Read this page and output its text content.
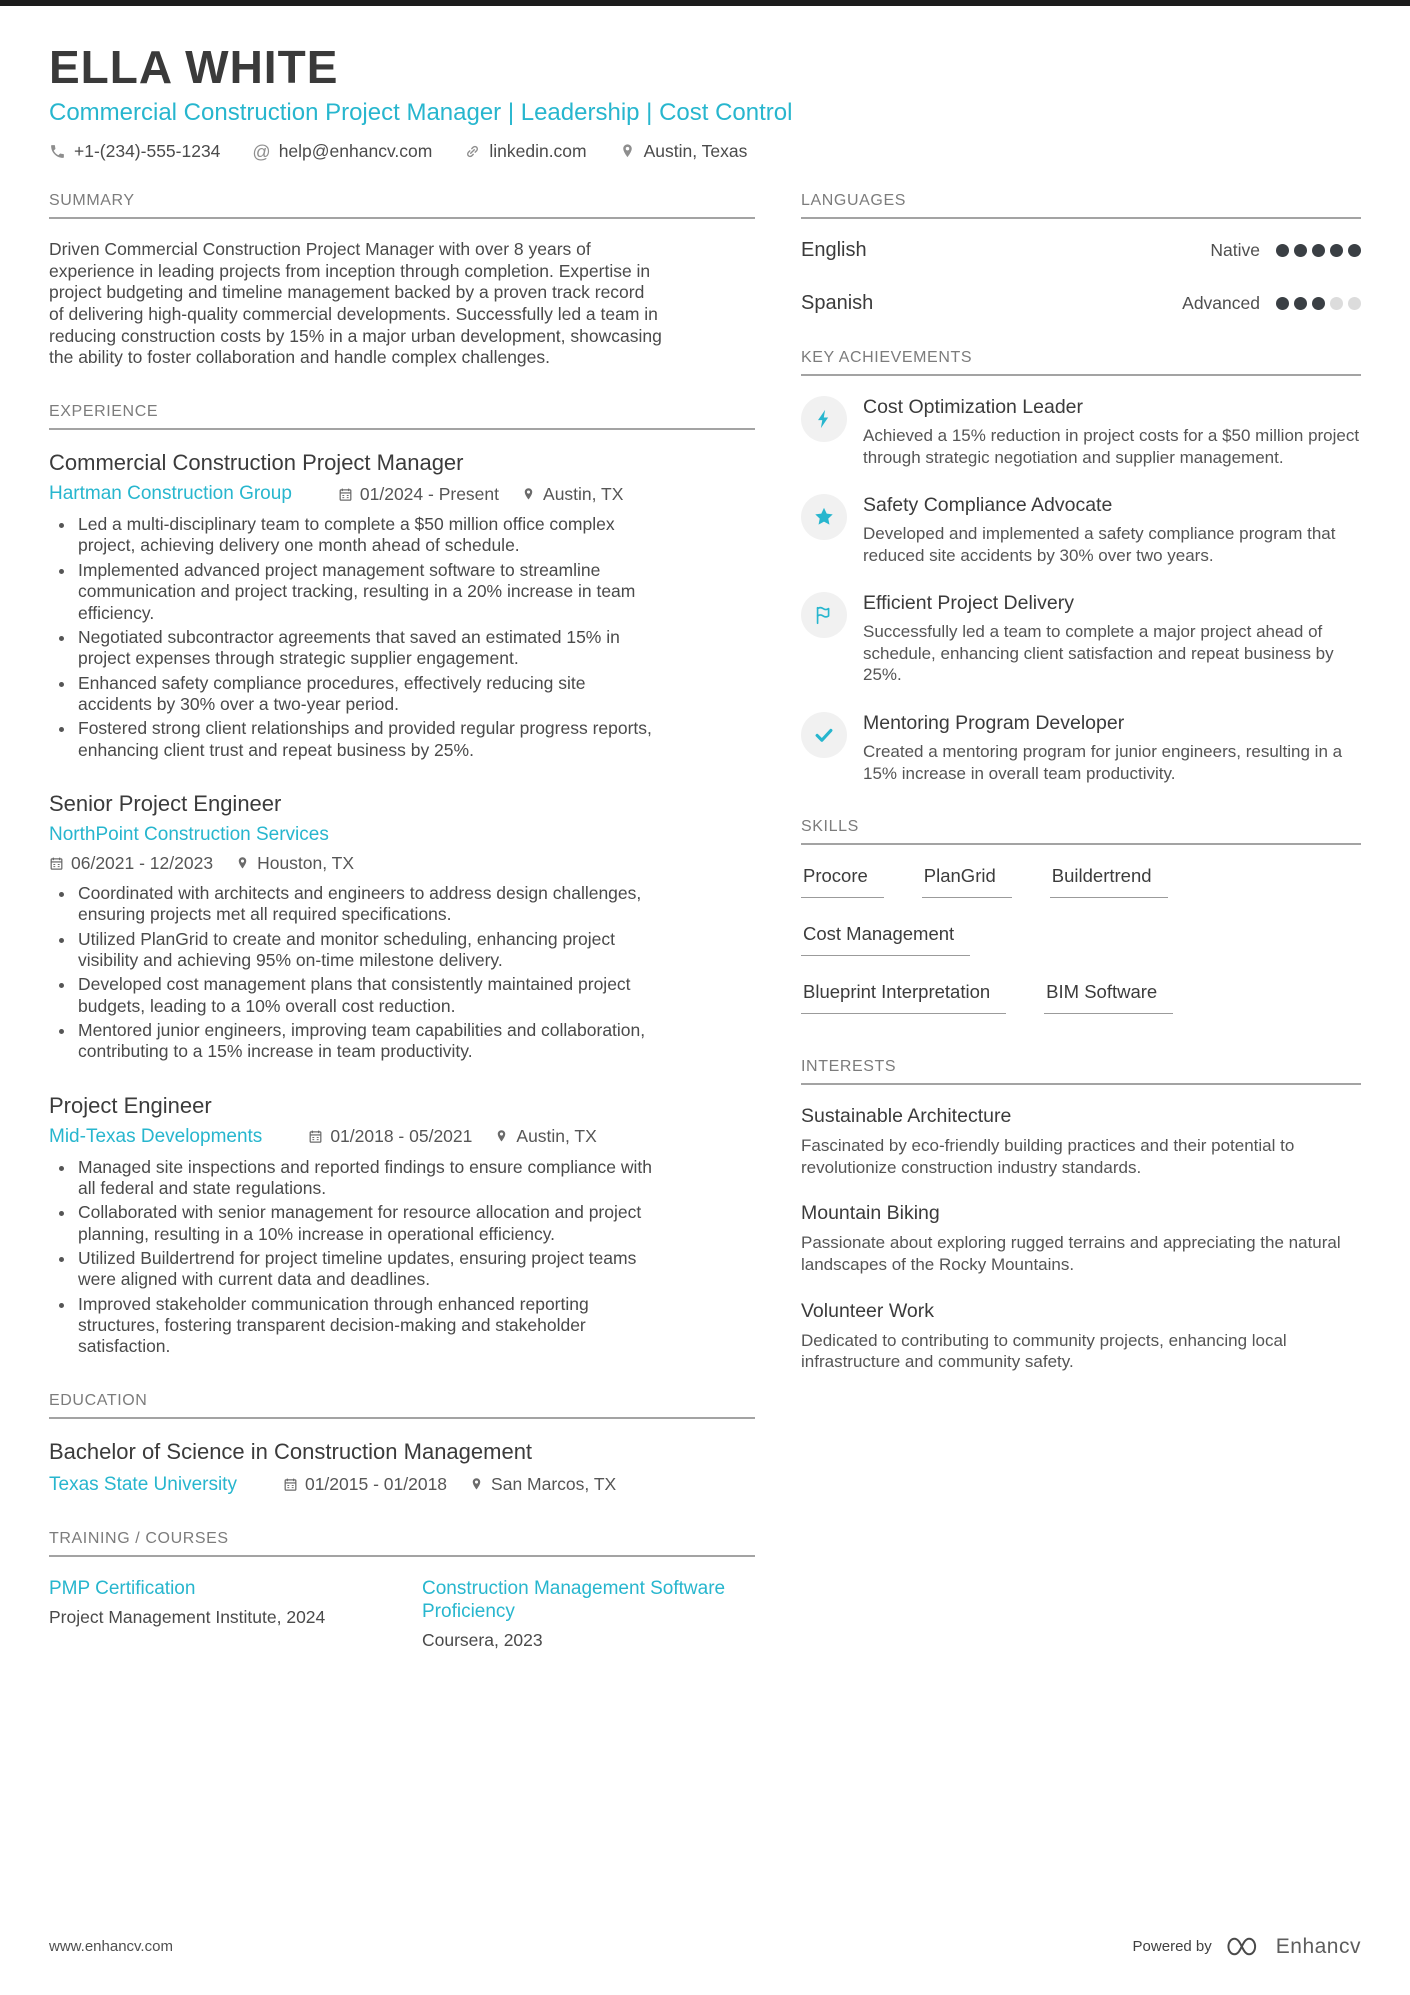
ELLA WHITE
Commercial Construction Project Manager | Leadership | Cost Control
+1-(234)-555-1234 @ help@enhancv.com	linkedin.com	Austin, Texas
SUMMARY

Driven Commercial Construction Project Manager with over 8 years of experience in leading projects from inception through completion. Expertise in project budgeting and timeline management backed by a proven track record of delivering high-quality commercial developments. Successfully led a team in reducing construction costs by 15% in a major urban development, showcasing the ability to foster collaboration and handle complex challenges.

EXPERIENCE
Commercial Construction Project Manager
Hartman Construction Group	01/2024 - Present	Austin, TX
• Led a multi-disciplinary team to complete a $50 million office complex project, achieving delivery one month ahead of schedule.
• Implemented advanced project management software to streamline communication and project tracking, resulting in a 20% increase in team efficiency.
• Negotiated subcontractor agreements that saved an estimated 15% in project expenses through strategic supplier engagement.
• Enhanced safety compliance procedures, effectively reducing site accidents by 30% over a two-year period.
• Fostered strong client relationships and provided regular progress reports, enhancing client trust and repeat business by 25%.
Senior Project Engineer
NorthPoint Construction Services
06/2021 - 12/2023	Houston, TX
• Coordinated with architects and engineers to address design challenges, ensuring projects met all required specifications.
• Utilized PlanGrid to create and monitor scheduling, enhancing project visibility and achieving 95% on-time milestone delivery.
• Developed cost management plans that consistently maintained project budgets, leading to a 10% overall cost reduction.
• Mentored junior engineers, improving team capabilities and collaboration, contributing to a 15% increase in team productivity.
Project Engineer
Mid-Texas Developments	01/2018 - 05/2021	Austin, TX
• Managed site inspections and reported findings to ensure compliance with all federal and state regulations.
• Collaborated with senior management for resource allocation and project planning, resulting in a 10% increase in operational efficiency.
• Utilized Buildertrend for project timeline updates, ensuring project teams were aligned with current data and deadlines.
• Improved stakeholder communication through enhanced reporting structures, fostering transparent decision-making and stakeholder satisfaction.
EDUCATION
Bachelor of Science in Construction Management
Texas State University	01/2015 - 01/2018	San Marcos, TX
TRAINING / COURSES
PMP Certification
Project Management Institute, 2024
Construction Management Software Proficiency
Coursera, 2023
LANGUAGES
English	Native
Spanish	Advanced
KEY ACHIEVEMENTS
Cost Optimization Leader
Achieved a 15% reduction in project costs for a $50 million project through strategic negotiation and supplier management.
Safety Compliance Advocate
Developed and implemented a safety compliance program that reduced site accidents by 30% over two years.
Efficient Project Delivery
Successfully led a team to complete a major project ahead of schedule, enhancing client satisfaction and repeat business by 25%.
Mentoring Program Developer
Created a mentoring program for junior engineers, resulting in a 15% increase in overall team productivity.
SKILLS
Procore	PlanGrid	Buildertrend
Cost Management
Blueprint Interpretation	BIM Software
INTERESTS
Sustainable Architecture
Fascinated by eco-friendly building practices and their potential to revolutionize construction industry standards.
Mountain Biking
Passionate about exploring rugged terrains and appreciating the natural landscapes of the Rocky Mountains.
Volunteer Work
Dedicated to contributing to community projects, enhancing local infrastructure and community safety.
www.enhancv.com	Powered by	Enhancv
